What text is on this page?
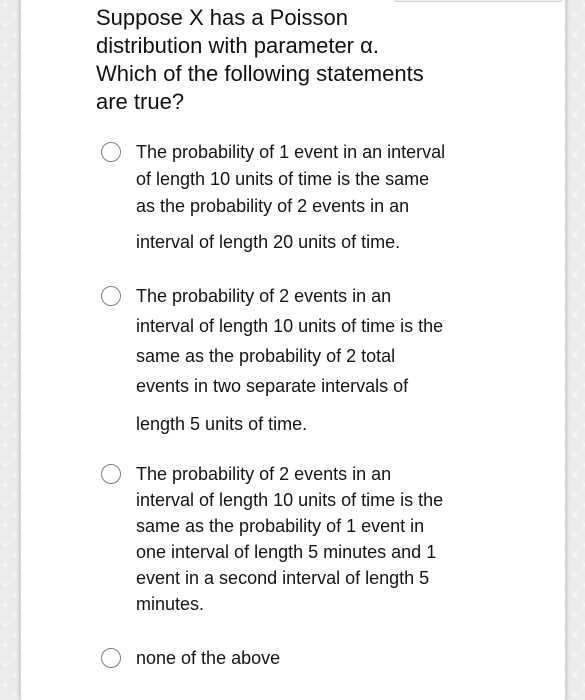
Suppose X has a Poisson
distribution with parameter α.
Which of the following statements
are true?
The probability of 1 event in an interval
of length 10 units of time is the same
as the probability of 2 events in an
interval of length 20 units of time.
The probability of 2 events in an
interval of length 10 units of time is the
same as the probability of 2 total
events in two separate intervals of
length 5 units of time.
The probability of 2 events in an
interval of length 10 units of time is the
same as the probability of 1 event in
one interval of length 5 minutes and 1
event in a second interval of length 5
minutes.
none of the above
